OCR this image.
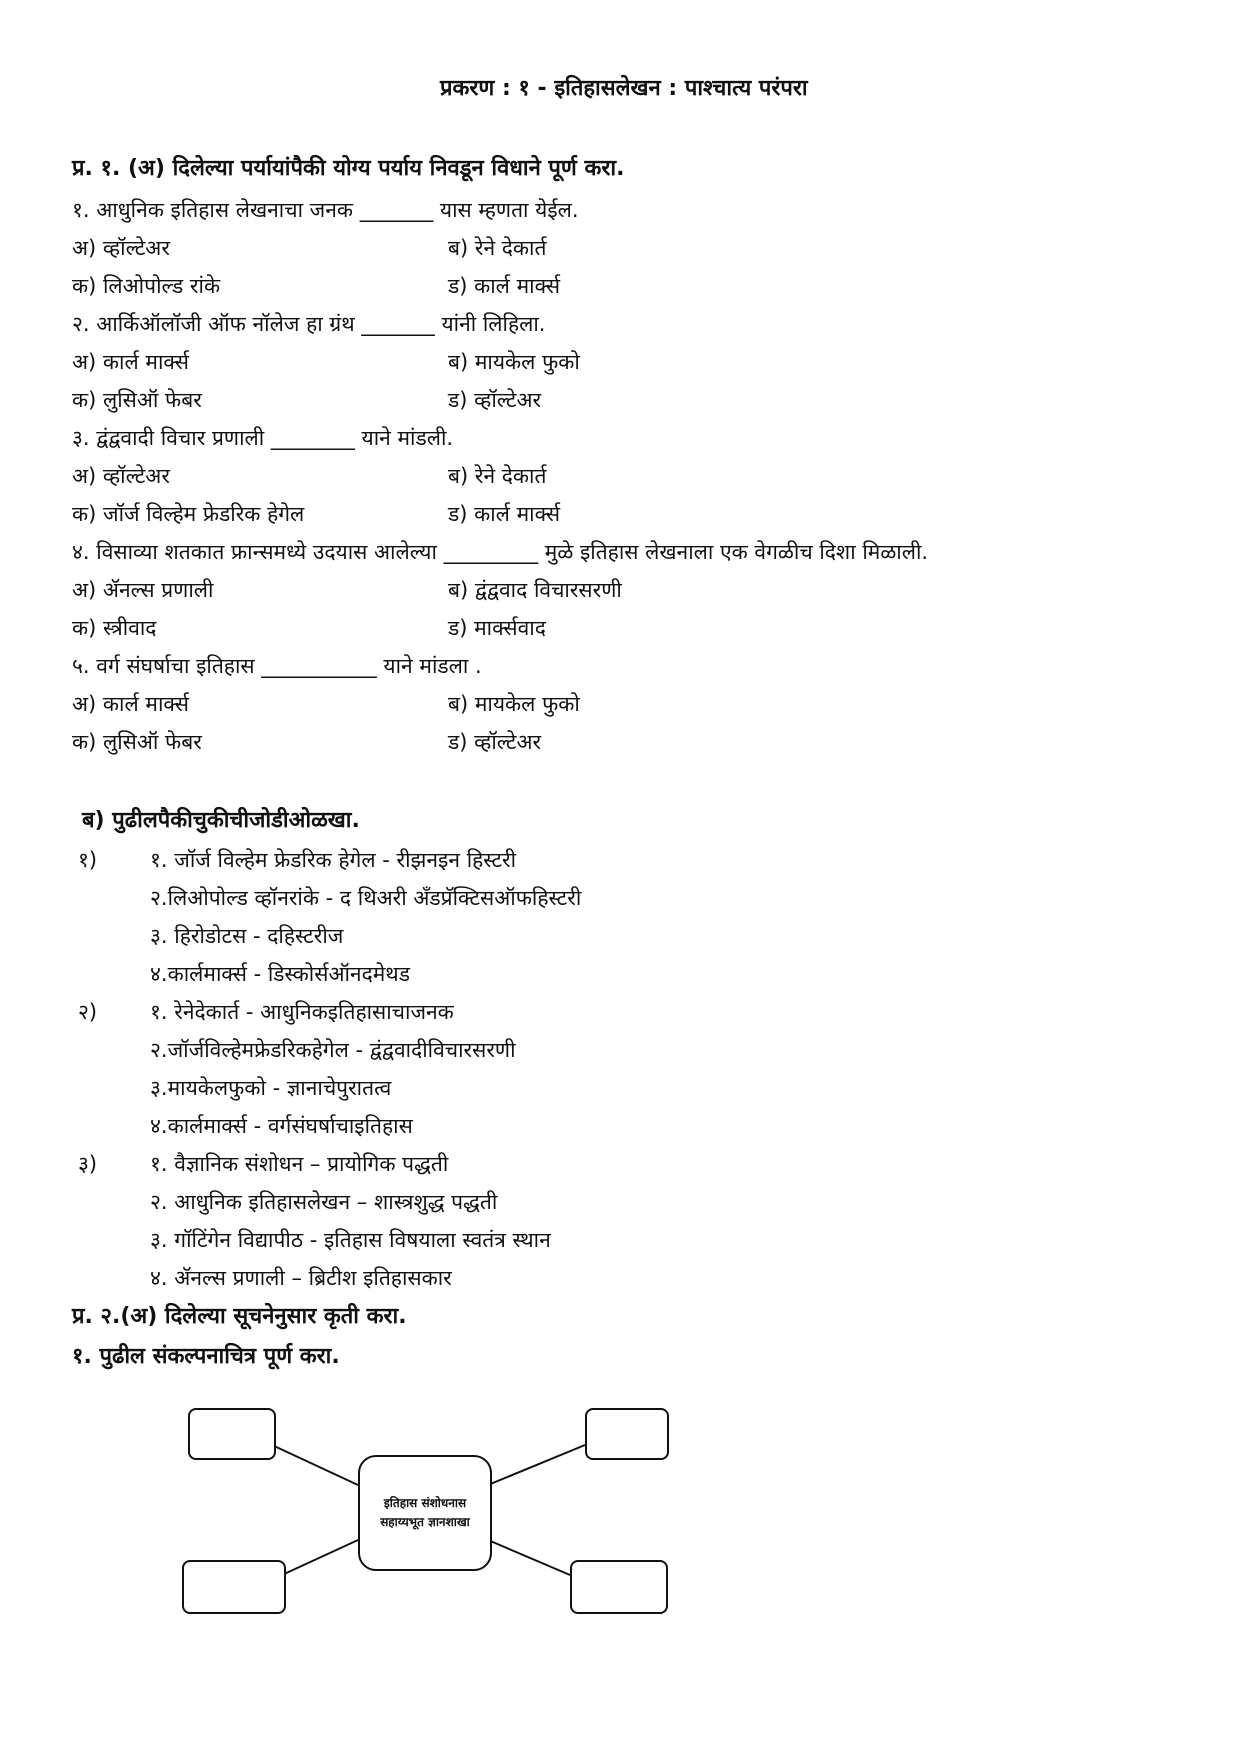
प्रकरण : १ - इतिहासलेखन : पाश्चात्य परंपरा
प्र. १. (अ) दिलेल्या पर्यायांपैकी योग्य पर्याय निवडून विधाने पूर्ण करा.
१. आधुनिक इतिहास लेखनाचा जनक _______ यास म्हणता येईल.
अ) व्हॉल्टेअर	ब) रेने देकार्त
क) लिओपोल्ड रांके	ड) कार्ल मार्क्स
२. आर्किऑलॉजी ऑफ नॉलेज हा ग्रंथ _______ यांनी लिहिला.
अ) कार्ल मार्क्स	ब) मायकेल फुको
क) लुसिऑ फेबर	ड) व्हॉल्टेअर
३. द्वंद्ववादी विचार प्रणाली ________ याने मांडली.
अ) व्हॉल्टेअर	ब) रेने देकार्त
क) जॉर्ज विल्हेम फ्रेडरिक हेगेल	ड) कार्ल मार्क्स
४. विसाव्या शतकात फ्रान्समध्ये उदयास आलेल्या _________ मुळे इतिहास लेखनाला एक वेगळीच दिशा मिळाली.
अ) ॲनल्स प्रणाली	ब) द्वंद्ववाद विचारसरणी
क) स्त्रीवाद	ड) मार्क्सवाद
५. वर्ग संघर्षाचा इतिहास ___________ याने मांडला .
अ) कार्ल मार्क्स	ब) मायकेल फुको
क) लुसिऑ फेबर	ड) व्हॉल्टेअर
ब) पुढीलपैकीचुकीचीजोडीओळखा.
१)	१. जॉर्ज विल्हेम फ्रेडरिक हेगेल - रीझनइन हिस्टरी
२.लिओपोल्ड व्हॉनरांके - द थिअरी अँडप्रॅक्टिसऑफहिस्टरी
३. हिरोडोटस - दहिस्टरीज
४.कार्लमार्क्स - डिस्कोर्सऑनदमेथड
२)	१. रेनेदेकार्त - आधुनिकइतिहासाचाजनक
२.जॉर्जविल्हेमफ्रेडरिकहेगेल - द्वंद्ववादीविचारसरणी
३.मायकेलफुको - ज्ञानाचेपुरातत्व
४.कार्लमार्क्स - वर्गसंघर्षाचाइतिहास
३)	१. वैज्ञानिक संशोधन – प्रायोगिक पद्धती
२. आधुनिक इतिहासलेखन – शास्त्रशुद्ध पद्धती
३. गॉटिंगेन विद्यापीठ - इतिहास विषयाला स्वतंत्र स्थान
४. ॲनल्स प्रणाली – ब्रिटीश इतिहासकार
प्र. २.(अ) दिलेल्या सूचनेनुसार कृती करा.
१. पुढील संकल्पनाचित्र पूर्ण करा.
इतिहास संशोधनास
सहाय्यभूत ज्ञानशाखा
